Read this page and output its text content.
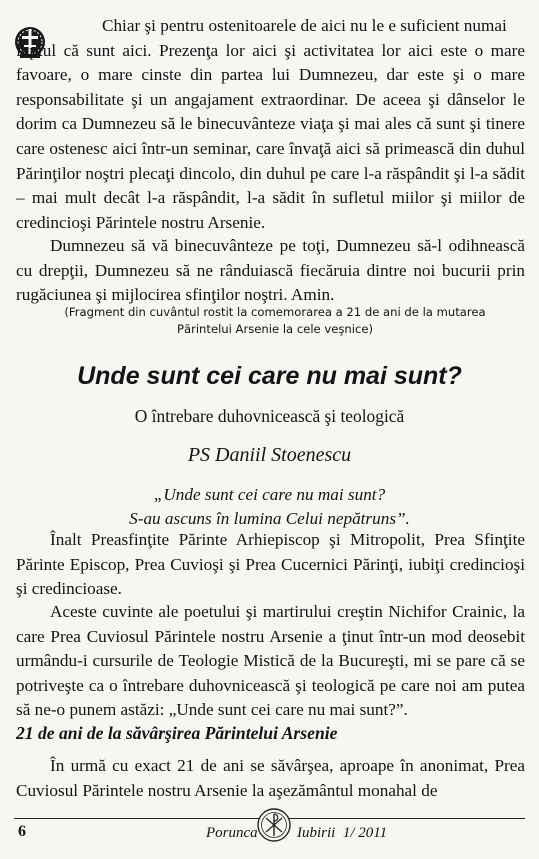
Chiar şi pentru ostenitoarele de aici nu le e suficient numai
faptul că sunt aici. Prezenţa lor aici şi activitatea lor aici este o mare favoare, o mare cinste din partea lui Dumnezeu, dar este şi o mare responsabilitate şi un angajament extraordinar. De aceea şi dânselor le dorim ca Dumnezeu să le binecuvânteze viaţa şi mai ales că sunt şi tinere care ostenesc aici într-un seminar, care învaţă aici să primească din duhul Părinţilor noştri plecaţi dincolo, din duhul pe care l-a răspândit şi l-a sădit – mai mult decât l-a răspândit, l-a sădit în sufletul miilor şi miilor de credincioşi Părintele nostru Arsenie.

Dumnezeu să vă binecuvânteze pe toţi, Dumnezeu să-l odihnească cu drepţii, Dumnezeu să ne rânduiască fiecăruia dintre noi bucurii prin rugăciunea şi mijlocirea sfinţilor noştri. Amin.

(Fragment din cuvântul rostit la comemorarea a 21 de ani de la mutarea Părintelui Arsenie la cele veşnice)

Unde sunt cei care nu mai sunt?

O întrebare duhovnicească şi teologică

PS Daniil Stoenescu

„Unde sunt cei care nu mai sunt?
S-au ascuns în lumina Celui nepătruns”.

Înalt Preasfinţite Părinte Arhiepiscop şi Mitropolit, Prea Sfinţite Părinte Episcop, Prea Cuvioşi şi Prea Cucernici Părinţi, iubiţi credincioşi şi credincioase.

Aceste cuvinte ale poetului şi martirului creştin Nichifor Crainic, la care Prea Cuviosul Părintele nostru Arsenie a ţinut într-un mod deosebit urmându-i cursurile de Teologie Mistică de la Bucureşti, mi se pare că se potriveşte ca o întrebare duhovnicească şi teologică pe care noi am putea să ne-o punem astăzi: „Unde sunt cei care nu mai sunt?”.

21 de ani de la săvârşirea Părintelui Arsenie

În urmă cu exact 21 de ani se săvârşea, aproape în anonimat, Prea Cuviosul Părintele nostru Arsenie la aşezământul monahal de

6	Porunca	Iubirii  1/ 2011
